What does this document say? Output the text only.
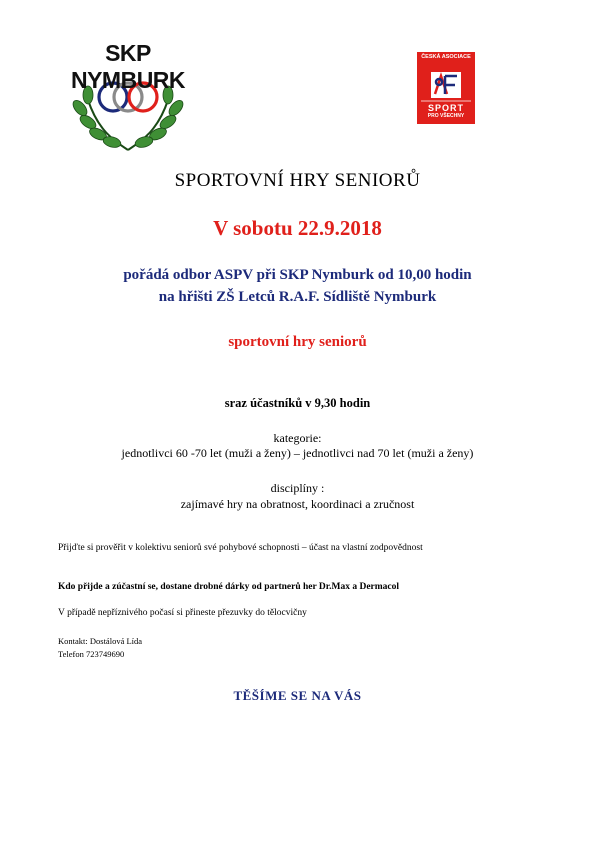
SKP NYMBURK
ČESKÁ ASOCIACE
SPORT
PRO VŠECHNY
SPORTOVNÍ HRY SENIORŮ
V sobotu 22.9.2018
pořádá odbor ASPV při SKP Nymburk od 10,00 hodin
na hřišti ZŠ Letců R.A.F. Sídliště Nymburk
sportovní hry seniorů
sraz účastníků v 9,30 hodin
kategorie:
jednotlivci 60 -70 let (muži a ženy) – jednotlivci nad 70 let (muži a ženy)
disciplíny :
zajímavé hry na obratnost, koordinaci a zručnost
Přijďte si prověřit v kolektivu seniorů své pohybové schopnosti – účast na vlastní zodpovědnost
Kdo přijde a zúčastní se, dostane drobné dárky od partnerů her Dr.Max a Dermacol
V případě nepříznivého počasí si přineste přezuvky do tělocvičny
Kontakt: Dostálová Lída
Telefon 723749690
TĚŠÍME SE NA VÁS
